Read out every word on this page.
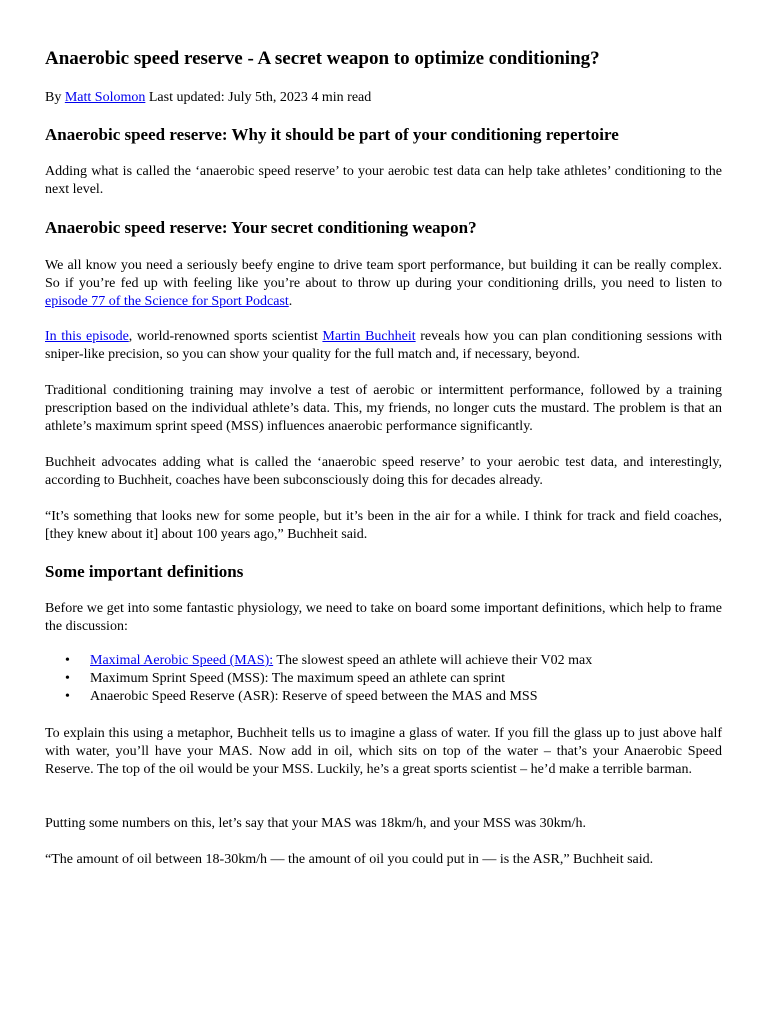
Anaerobic speed reserve - A secret weapon to optimize conditioning?

By Matt Solomon Last updated: July 5th, 2023 4 min read

Anaerobic speed reserve: Why it should be part of your conditioning repertoire

Adding what is called the ‘anaerobic speed reserve’ to your aerobic test data can help take athletes’ conditioning to the next level.

Anaerobic speed reserve: Your secret conditioning weapon?

We all know you need a seriously beefy engine to drive team sport performance, but building it can be really complex. So if you’re fed up with feeling like you’re about to throw up during your conditioning drills, you need to listen to episode 77 of the Science for Sport Podcast.

In this episode, world-renowned sports scientist Martin Buchheit reveals how you can plan conditioning sessions with sniper-like precision, so you can show your quality for the full match and, if necessary, beyond.

Traditional conditioning training may involve a test of aerobic or intermittent performance, followed by a training prescription based on the individual athlete’s data. This, my friends, no longer cuts the mustard. The problem is that an athlete’s maximum sprint speed (MSS) influences anaerobic performance significantly.

Buchheit advocates adding what is called the ‘anaerobic speed reserve’ to your aerobic test data, and interestingly, according to Buchheit, coaches have been subconsciously doing this for decades already.

“It’s something that looks new for some people, but it’s been in the air for a while. I think for track and field coaches, [they knew about it] about 100 years ago,” Buchheit said.

Some important definitions

Before we get into some fantastic physiology, we need to take on board some important definitions, which help to frame the discussion:

• Maximal Aerobic Speed (MAS): The slowest speed an athlete will achieve their V02 max
• Maximum Sprint Speed (MSS): The maximum speed an athlete can sprint
• Anaerobic Speed Reserve (ASR): Reserve of speed between the MAS and MSS

To explain this using a metaphor, Buchheit tells us to imagine a glass of water. If you fill the glass up to just above half with water, you’ll have your MAS. Now add in oil, which sits on top of the water – that’s your Anaerobic Speed Reserve. The top of the oil would be your MSS. Luckily, he’s a great sports scientist – he’d make a terrible barman.

Putting some numbers on this, let’s say that your MAS was 18km/h, and your MSS was 30km/h.

“The amount of oil between 18-30km/h — the amount of oil you could put in — is the ASR,” Buchheit said.
